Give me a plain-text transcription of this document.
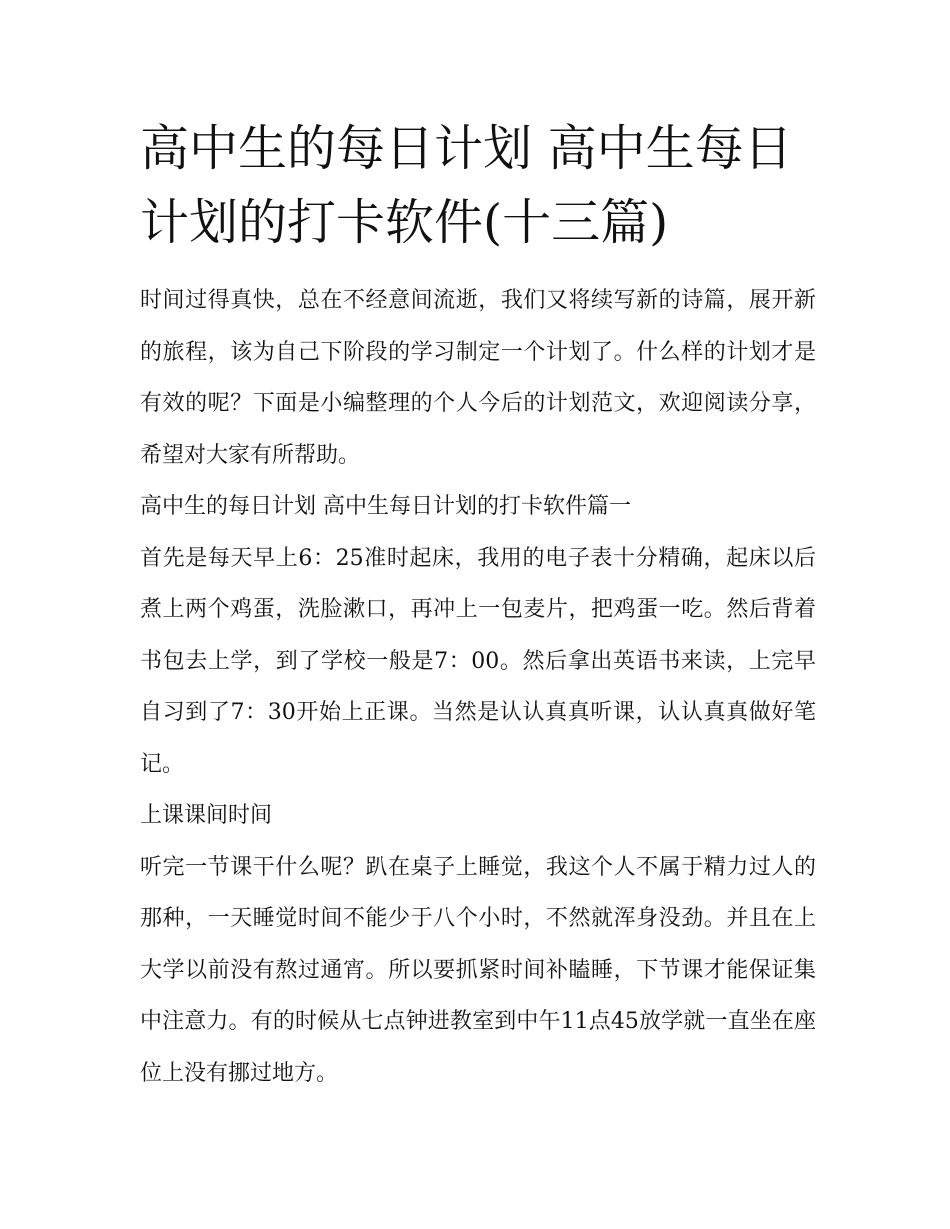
高中生的每日计划 高中生每日计划的打卡软件(十三篇)

时间过得真快，总在不经意间流逝，我们又将续写新的诗篇，展开新的旅程，该为自己下阶段的学习制定一个计划了。什么样的计划才是有效的呢？下面是小编整理的个人今后的计划范文，欢迎阅读分享，希望对大家有所帮助。

高中生的每日计划 高中生每日计划的打卡软件篇一

首先是每天早上6：25准时起床，我用的电子表十分精确，起床以后煮上两个鸡蛋，洗脸漱口，再冲上一包麦片，把鸡蛋一吃。然后背着书包去上学，到了学校一般是7：00。然后拿出英语书来读，上完早自习到了7：30开始上正课。当然是认认真真听课，认认真真做好笔记。

上课课间时间

听完一节课干什么呢？趴在桌子上睡觉，我这个人不属于精力过人的那种，一天睡觉时间不能少于八个小时，不然就浑身没劲。并且在上大学以前没有熬过通宵。所以要抓紧时间补瞌睡，下节课才能保证集中注意力。有的时候从七点钟进教室到中午11点45放学就一直坐在座位上没有挪过地方。
